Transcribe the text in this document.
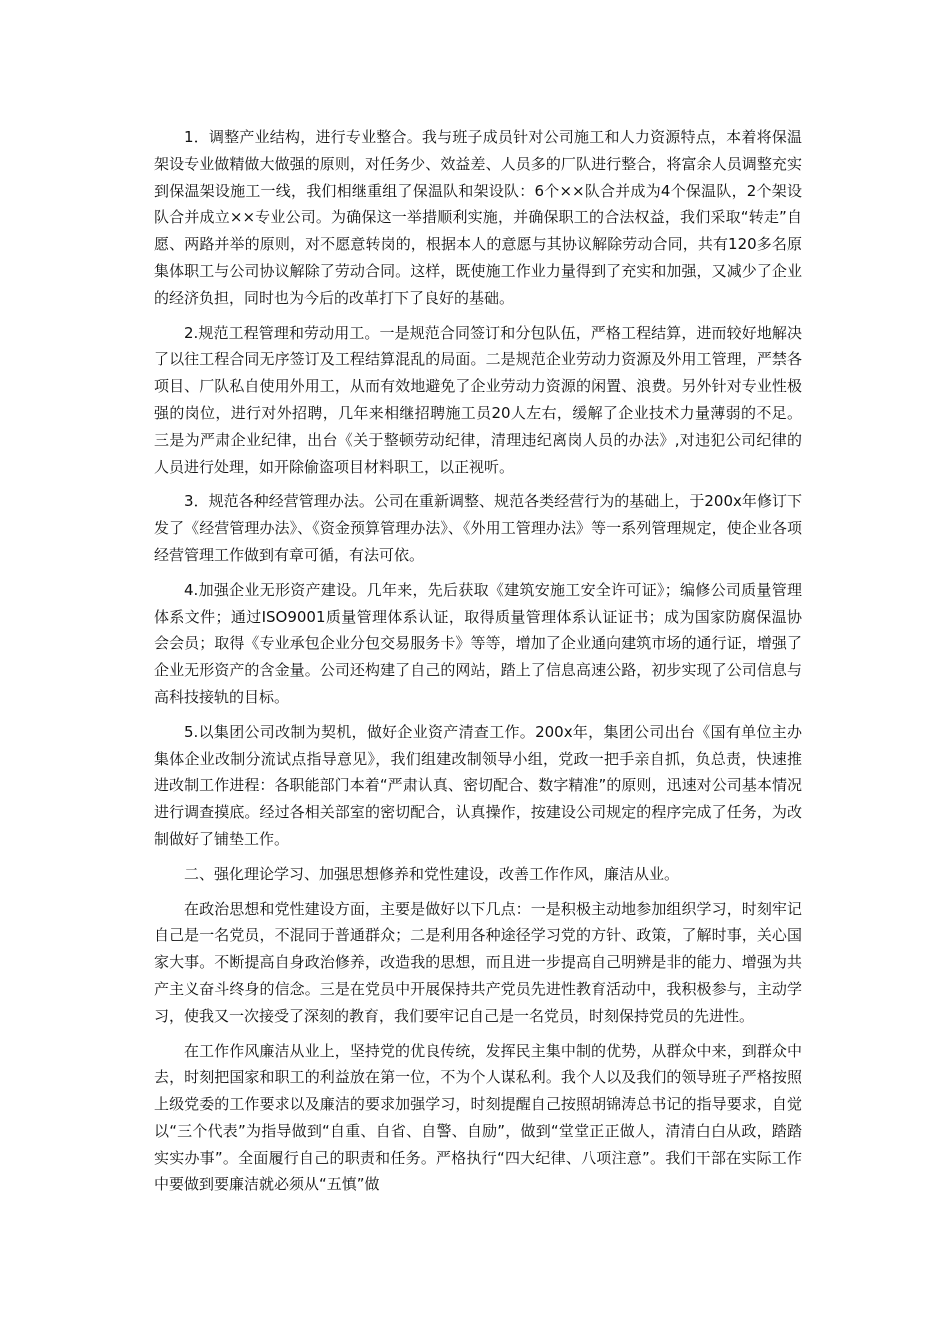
1．调整产业结构，进行专业整合。我与班子成员针对公司施工和人力资源特点，本着将保温架设专业做精做大做强的原则，对任务少、效益差、人员多的厂队进行整合，将富余人员调整充实到保温架设施工一线，我们相继重组了保温队和架设队：6个××队合并成为4个保温队，2个架设队合并成立××专业公司。为确保这一举措顺利实施，并确保职工的合法权益，我们采取“转走”自愿、两路并举的原则，对不愿意转岗的，根据本人的意愿与其协议解除劳动合同，共有120多名原集体职工与公司协议解除了劳动合同。这样，既使施工作业力量得到了充实和加强，又减少了企业的经济负担，同时也为今后的改革打下了良好的基础。

2.规范工程管理和劳动用工。一是规范合同签订和分包队伍，严格工程结算，进而较好地解决了以往工程合同无序签订及工程结算混乱的局面。二是规范企业劳动力资源及外用工管理，严禁各项目、厂队私自使用外用工，从而有效地避免了企业劳动力资源的闲置、浪费。另外针对专业性极强的岗位，进行对外招聘，几年来相继招聘施工员20人左右，缓解了企业技术力量薄弱的不足。三是为严肃企业纪律，出台《关于整顿劳动纪律，清理违纪离岗人员的办法》,对违犯公司纪律的人员进行处理，如开除偷盗项目材料职工，以正视听。

3．规范各种经营管理办法。公司在重新调整、规范各类经营行为的基础上，于200x年修订下发了《经营管理办法》、《资金预算管理办法》、《外用工管理办法》等一系列管理规定，使企业各项经营管理工作做到有章可循，有法可依。

4.加强企业无形资产建设。几年来，先后获取《建筑安施工安全许可证》；编修公司质量管理体系文件；通过ISO9001质量管理体系认证，取得质量管理体系认证证书；成为国家防腐保温协会会员；取得《专业承包企业分包交易服务卡》等等，增加了企业通向建筑市场的通行证，增强了企业无形资产的含金量。公司还构建了自己的网站，踏上了信息高速公路，初步实现了公司信息与高科技接轨的目标。

5.以集团公司改制为契机，做好企业资产清查工作。200x年，集团公司出台《国有单位主办集体企业改制分流试点指导意见》，我们组建改制领导小组，党政一把手亲自抓，负总责，快速推进改制工作进程：各职能部门本着“严肃认真、密切配合、数字精准”的原则，迅速对公司基本情况进行调查摸底。经过各相关部室的密切配合，认真操作，按建设公司规定的程序完成了任务，为改制做好了铺垫工作。

二、强化理论学习、加强思想修养和党性建设，改善工作作风，廉洁从业。

在政治思想和党性建设方面，主要是做好以下几点：一是积极主动地参加组织学习，时刻牢记自己是一名党员，不混同于普通群众；二是利用各种途径学习党的方针、政策，了解时事，关心国家大事。不断提高自身政治修养，改造我的思想，而且进一步提高自己明辨是非的能力、增强为共产主义奋斗终身的信念。三是在党员中开展保持共产党员先进性教育活动中，我积极参与，主动学习，使我又一次接受了深刻的教育，我们要牢记自己是一名党员，时刻保持党员的先进性。

在工作作风廉洁从业上，坚持党的优良传统，发挥民主集中制的优势，从群众中来，到群众中去，时刻把国家和职工的利益放在第一位，不为个人谋私利。我个人以及我们的领导班子严格按照上级党委的工作要求以及廉洁的要求加强学习，时刻提醒自己按照胡锦涛总书记的指导要求，自觉以“三个代表”为指导做到“自重、自省、自警、自励”，做到“堂堂正正做人，清清白白从政，踏踏实实办事”。全面履行自己的职责和任务。严格执行“四大纪律、八项注意”。我们干部在实际工作中要做到要廉洁就必须从“五慎”做
